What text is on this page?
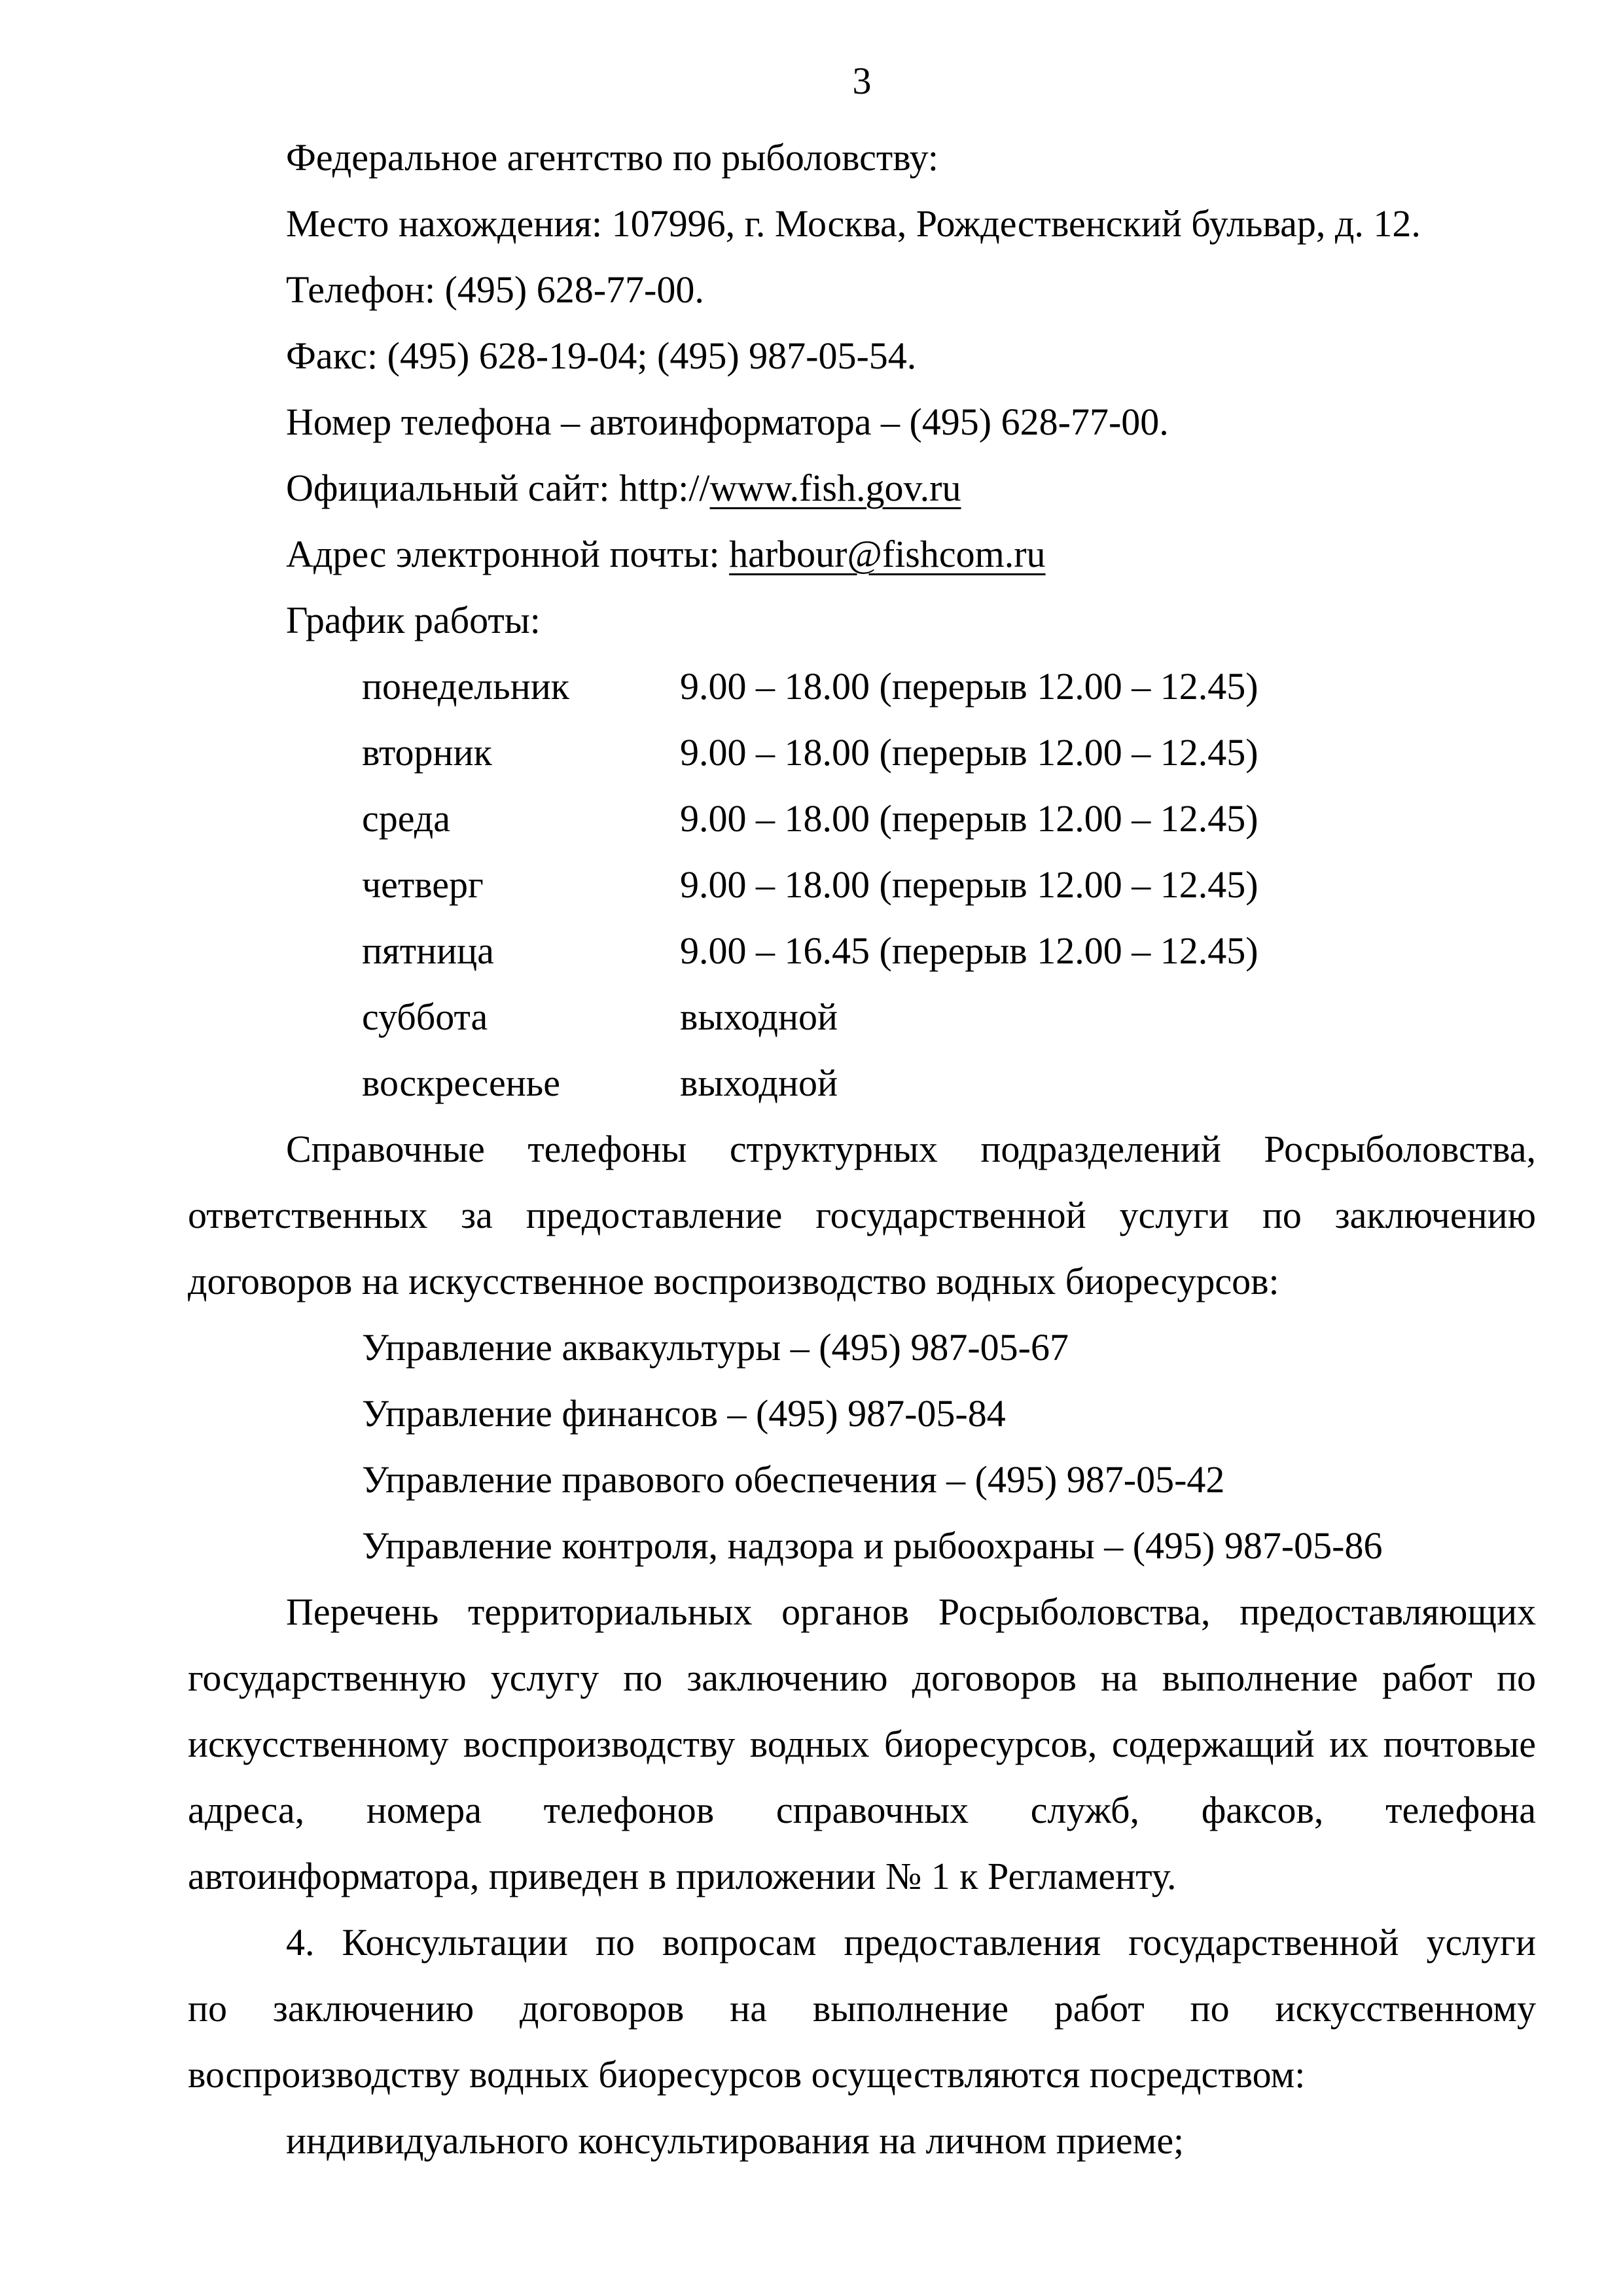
3
Федеральное агентство по рыболовству:
Место нахождения: 107996, г. Москва, Рождественский бульвар, д. 12.
Телефон: (495) 628-77-00.
Факс: (495) 628-19-04; (495) 987-05-54.
Номер телефона – автоинформатора – (495) 628-77-00.
Официальный сайт: http://www.fish.gov.ru
Адрес электронной почты: harbour@fishcom.ru
График работы:
понедельник	9.00 – 18.00 (перерыв 12.00 – 12.45)
вторник	9.00 – 18.00 (перерыв 12.00 – 12.45)
среда	9.00 – 18.00 (перерыв 12.00 – 12.45)
четверг	9.00 – 18.00 (перерыв 12.00 – 12.45)
пятница	9.00 – 16.45 (перерыв 12.00 – 12.45)
суббота	выходной
воскресенье	выходной
Справочные телефоны структурных подразделений Росрыболовства,
ответственных за предоставление государственной услуги по заключению
договоров на искусственное воспроизводство водных биоресурсов:
Управление аквакультуры – (495) 987-05-67
Управление финансов – (495) 987-05-84
Управление правового обеспечения – (495) 987-05-42
Управление контроля, надзора и рыбоохраны – (495) 987-05-86
Перечень территориальных органов Росрыболовства, предоставляющих
государственную услугу по заключению договоров на выполнение работ по
искусственному воспроизводству водных биоресурсов, содержащий их почтовые
адреса, номера телефонов справочных служб, факсов, телефона
автоинформатора, приведен в приложении № 1 к Регламенту.
4. Консультации по вопросам предоставления государственной услуги
по заключению договоров на выполнение работ по искусственному
воспроизводству водных биоресурсов осуществляются посредством:
индивидуального консультирования на личном приеме;
